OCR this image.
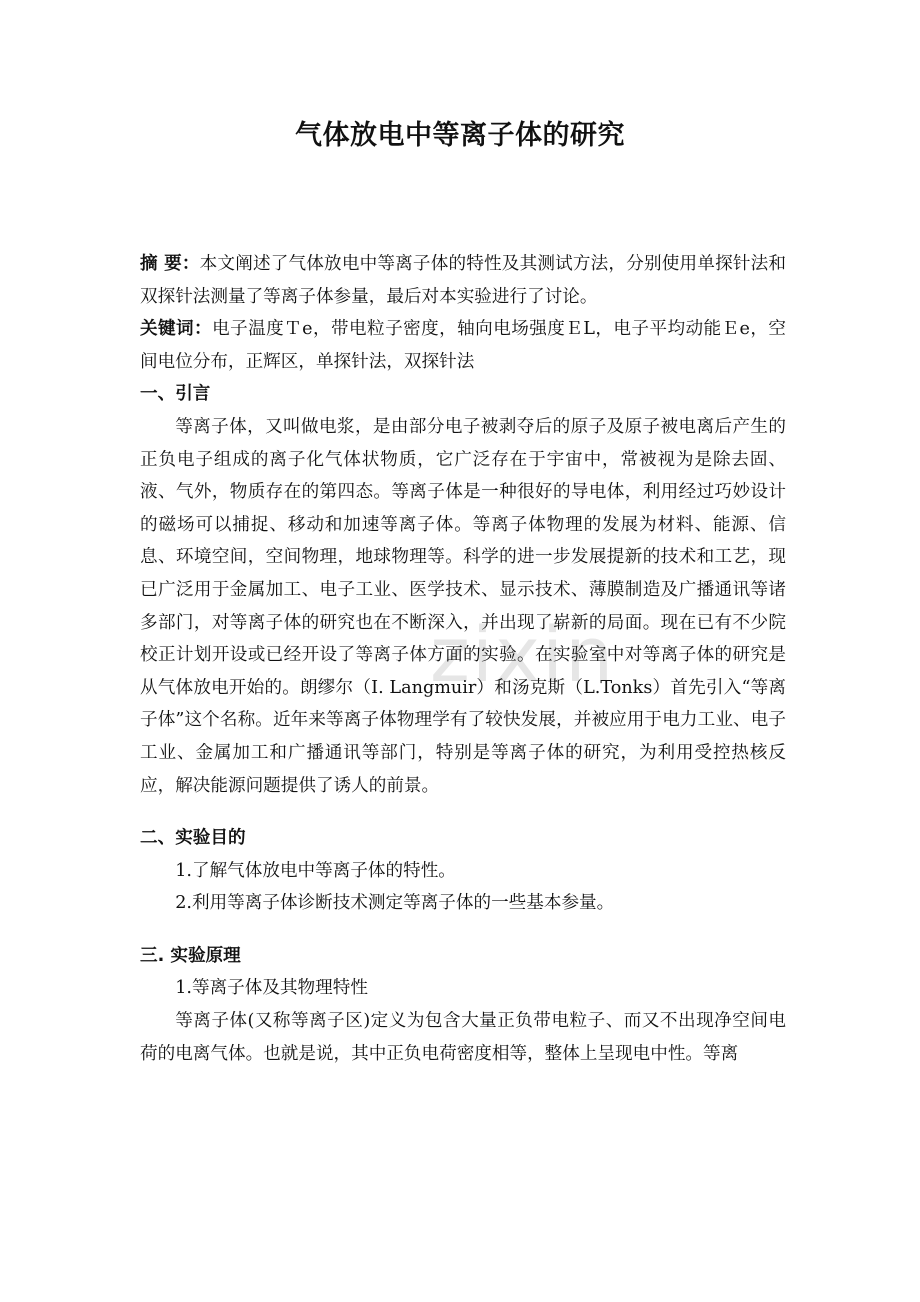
zixin
气体放电中等离子体的研究

摘 要：本文阐述了气体放电中等离子体的特性及其测试方法，分别使用单探针法和双探针法测量了等离子体参量，最后对本实验进行了讨论。

关键词：电子温度Ｔe，带电粒子密度，轴向电场强度ＥL，电子平均动能Ｅe，空间电位分布，正辉区，单探针法，双探针法

一、引言

等离子体，又叫做电浆，是由部分电子被剥夺后的原子及原子被电离后产生的正负电子组成的离子化气体状物质，它广泛存在于宇宙中，常被视为是除去固、液、气外，物质存在的第四态。等离子体是一种很好的导电体，利用经过巧妙设计的磁场可以捕捉、移动和加速等离子体。等离子体物理的发展为材料、能源、信息、环境空间，空间物理，地球物理等。科学的进一步发展提新的技术和工艺，现已广泛用于金属加工、电子工业、医学技术、显示技术、薄膜制造及广播通讯等诸多部门，对等离子体的研究也在不断深入，并出现了崭新的局面。现在已有不少院校正计划开设或已经开设了等离子体方面的实验。在实验室中对等离子体的研究是从气体放电开始的。朗缪尔（I. Langmuir）和汤克斯（L.Tonks）首先引入“等离子体”这个名称。近年来等离子体物理学有了较快发展，并被应用于电力工业、电子工业、金属加工和广播通讯等部门，特别是等离子体的研究，为利用受控热核反应，解决能源问题提供了诱人的前景。

二、实验目的

1.了解气体放电中等离子体的特性。

2.利用等离子体诊断技术测定等离子体的一些基本参量。

三. 实验原理

1.等离子体及其物理特性

等离子体(又称等离子区)定义为包含大量正负带电粒子、而又不出现净空间电荷的电离气体。也就是说，其中正负电荷密度相等，整体上呈现电中性。等离
